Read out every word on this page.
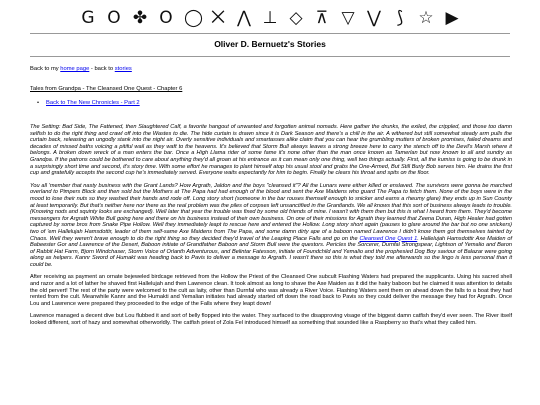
G O ✤ O ◯ ⨉ ⋀ ⊥ ◇ ⊼ ▽ ⋁ ⟆ ☆ ▶
Oliver D. Bernuetz's Stories
Back to my home page - back to stories
Tales from Grandpa - The Cleansed One Quest - Chapter 6
• Back to The New Chronicles - Part 2

The Setting: Bad Side, The Fattened, then Slaughtered Calf, a favorite hangout of unwanted and forgotten animal nomads. Here gather the drunks, the exiled, the crippled, and those too damn selfish to do the right thing and crawl off into the Wastes to die. The hide curtain is drawn since it is Dark Season and there's a chill in the air. A withered but still somewhat steady arm pulls the curtain back, releasing an ungodly stank into the night air. Overly sensitive individuals and smartasses alike claim that you can hear the grumbling mutters of broken promises, failed dreams and decades of missed baths voicing a pitiful wail as they waft to the heavens. It's believed that Storm Bull always leaves a strong breeze here to carry the stench off to the Devil's Marsh where it belongs. A broken down wreck of a man enters the bar. Once a High Llama rider of some fame it's none other than the man once known as Tamerlan but now known to all and sundry as Grandpa. If the patrons could be bothered to care about anything they'd all groan at his entrance as it can mean only one thing, well two things actually. First, all the kumiss is going to be drunk in a surprisingly short time and second, it's story time. With some effort he manages to plant himself atop his usual stool and grabs the One-Armed, But Still Burly Bob serves him. He drains the first cup and gratefully accepts the second cup he's immediately served. Everyone waits expectantly for him to begin. Finally he clears his throat and spits on the floor.

You all 'member that nasty business with the Grant Lands? How Argrath, Jaldon and the boys "cleansed it"? All the Lunars were either killed or enslaved. The survivors were gonna be marched overland to Pimpers Block and then sold but the Mothers at The Papa had had enough of the blood and sent the Axe Maidens who guard The Papa to fetch them. None of the boys were in the mood to lose their nuts so they washed their hands and rode off. Long story short (someone in the bar rouses themself enough to snicker and earns a rheumy glare) they ends up in Sun County at least temporarily. But that's neither here nor there as the real problem was the piles of corpses left unsanctified in the Grantlands. We all knows that this sort of business always leads to trouble. (Knowing nods and squinty looks are exchanged). Well later that year the trouble was fixed by some old friends of mine. I wasn't with them then but this is what I heard from them. They'd become messengers for Argrath White Bull going here and there on his business instead of their own business. On one of their missions for Agrath they learned that Zeena Duran, High Healer had gotten captured by some bros from Snake Pipe Hollow. Well they immediately leapt to rescue here and entered the Hollow. Long story short again (pauses to glare around the bar but no one snickers) two of 'em Hallelujah Hamsdottir, leader of them self-same Axe Maidens from The Papa, and some damn dirty ape of a baboon named Lawrence I didn't know them got themselves tainted by Chaos. Well they weren't brave enough to do the right thing so they decided they'd travel of the Leaping Place Falls and go on the Cleansed One Quest 1. Hallelujah Hamsdottir Axe Maiden of Babeester Gor and Lawrence of the Desert, Baboon initiate of Grandfather Baboon and Storm Bull were the questors. Pericles the Sorcerer, Durnfal Strongspear, Lightson of Yemalio and Baron of Rabbit Hat Farm, Bjorn Windchaser, Storm Voice of Orlanth Adventurous, and Belintar Fatesson, initiate of Foundchild and Yemalio and the prophesied Dog Boy saviour of Balazar were going along as helpers. Kannr Sword of Humakt was heading back to Pavis to deliver a message to Argrath. I wasn't there so this is what they told me afterwards so the lingo is less personal than it could be.

After receiving as payment an ornate bejeweled birdcage retrieved from the Hollow the Priest of the Cleansed One subcult Flashing Waters had prepared the supplicants. Using his sacred shell and razor and a lot of lather he shaved first Hallelujah and then Lawrence clean. It took almost as long to shave the Axe Maiden as it did the hairy baboon but he claimed it was attention to details the old pervert! The rest of the party were welcomed to the cult as laity, other than Durnfal who was already a River Voice. Flashing Waters sent them on ahead down the falls to a boat they had rented from the cult. Meanwhile Kannr and the Humakti and Yemalian initiates had already started off down the road back to Pavis so they could deliver the message they had for Argrath. Once Lou and Lawrence were prepared they proceeded to the edge of the Falls where they leapt down!

Lawrence managed a decent dive but Lou flubbed it and sort of belly flopped into the water. They surfaced to the disapproving visage of the biggest damn catfish they'd ever seen. The River itself looked different, sort of hazy and somewhat otherworldly. The catfish priest of Zola Fel introduced himself as something that sounded like a Raspberry so that's what they called him.
